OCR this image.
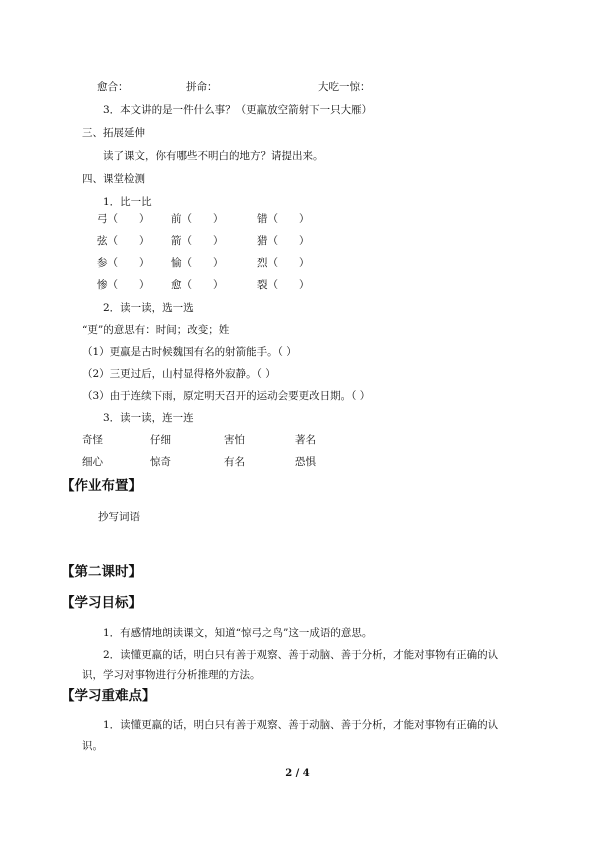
愈合：	拼命：	大吃一惊：
3．本文讲的是一件什么事？（更羸放空箭射下一只大雁）
三、拓展延伸
读了课文，你有哪些不明白的地方？请提出来。
四、课堂检测
1．比一比
弓（　　） 前（　　）	错（　　）
弦（　　） 箭（　　）	猎（　　）
参（　　） 愉（　　）	烈（　　）
惨（　　） 愈（　　）	裂（　　）
2．读一读，选一选
“更”的意思有：时间；改变；姓
（1）更羸是古时候魏国有名的射箭能手。（ ）
（2）三更过后，山村显得格外寂静。（ ）
（3）由于连续下雨，原定明天召开的运动会要更改日期。（ ）
3．读一读，连一连
奇怪	仔细	害怕	著名
细心	惊奇	有名	恐惧
【作业布置】
抄写词语
【第二课时】
【学习目标】
1．有感情地朗读课文，知道“惊弓之鸟”这一成语的意思。
2．读懂更羸的话，明白只有善于观察、善于动脑、善于分析，才能对事物有正确的认
识，学习对事物进行分析推理的方法。
【学习重难点】
1．读懂更羸的话，明白只有善于观察、善于动脑、善于分析，才能对事物有正确的认
识。
2 / 4
